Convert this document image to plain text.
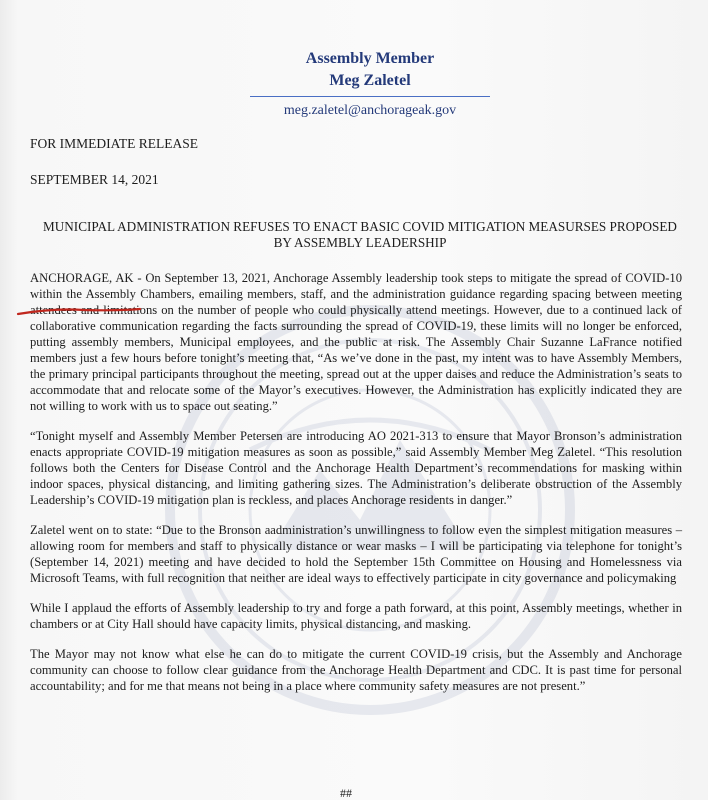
Assembly Member
Meg Zaletel
meg.zaletel@anchorageak.gov
FOR IMMEDIATE RELEASE
SEPTEMBER 14, 2021
MUNICIPAL ADMINISTRATION REFUSES TO ENACT BASIC COVID MITIGATION MEASURSES PROPOSED BY ASSEMBLY LEADERSHIP

ANCHORAGE, AK - On September 13, 2021, Anchorage Assembly leadership took steps to mitigate the spread of COVID-10 within the Assembly Chambers, emailing members, staff, and the administration guidance regarding spacing between meeting attendees and limitations on the number of people who could physically attend meetings. However, due to a continued lack of collaborative communication regarding the facts surrounding the spread of COVID-19, these limits will no longer be enforced, putting assembly members, Municipal employees, and the public at risk. The Assembly Chair Suzanne LaFrance notified members just a few hours before tonight’s meeting that, “As we’ve done in the past, my intent was to have Assembly Members, the primary principal participants throughout the meeting, spread out at the upper daises and reduce the Administration’s seats to accommodate that and relocate some of the Mayor’s executives. However, the Administration has explicitly indicated they are not willing to work with us to space out seating.”

“Tonight myself and Assembly Member Petersen are introducing AO 2021-313 to ensure that Mayor Bronson’s administration enacts appropriate COVID-19 mitigation measures as soon as possible,” said Assembly Member Meg Zaletel. “This resolution follows both the Centers for Disease Control and the Anchorage Health Department’s recommendations for masking within indoor spaces, physical distancing, and limiting gathering sizes. The Administration’s deliberate obstruction of the Assembly Leadership’s COVID-19 mitigation plan is reckless, and places Anchorage residents in danger.”

Zaletel went on to state: “Due to the Bronson aadministration’s unwillingness to follow even the simplest mitigation measures – allowing room for members and staff to physically distance or wear masks – I will be participating via telephone for tonight’s (September 14, 2021) meeting and have decided to hold the September 15th Committee on Housing and Homelessness via Microsoft Teams, with full recognition that neither are ideal ways to effectively participate in city governance and policymaking

While I applaud the efforts of Assembly leadership to try and forge a path forward, at this point, Assembly meetings, whether in chambers or at City Hall should have capacity limits, physical distancing, and masking.

The Mayor may not know what else he can do to mitigate the current COVID-19 crisis, but the Assembly and Anchorage community can choose to follow clear guidance from the Anchorage Health Department and CDC. It is past time for personal accountability; and for me that means not being in a place where community safety measures are not present.”

##
